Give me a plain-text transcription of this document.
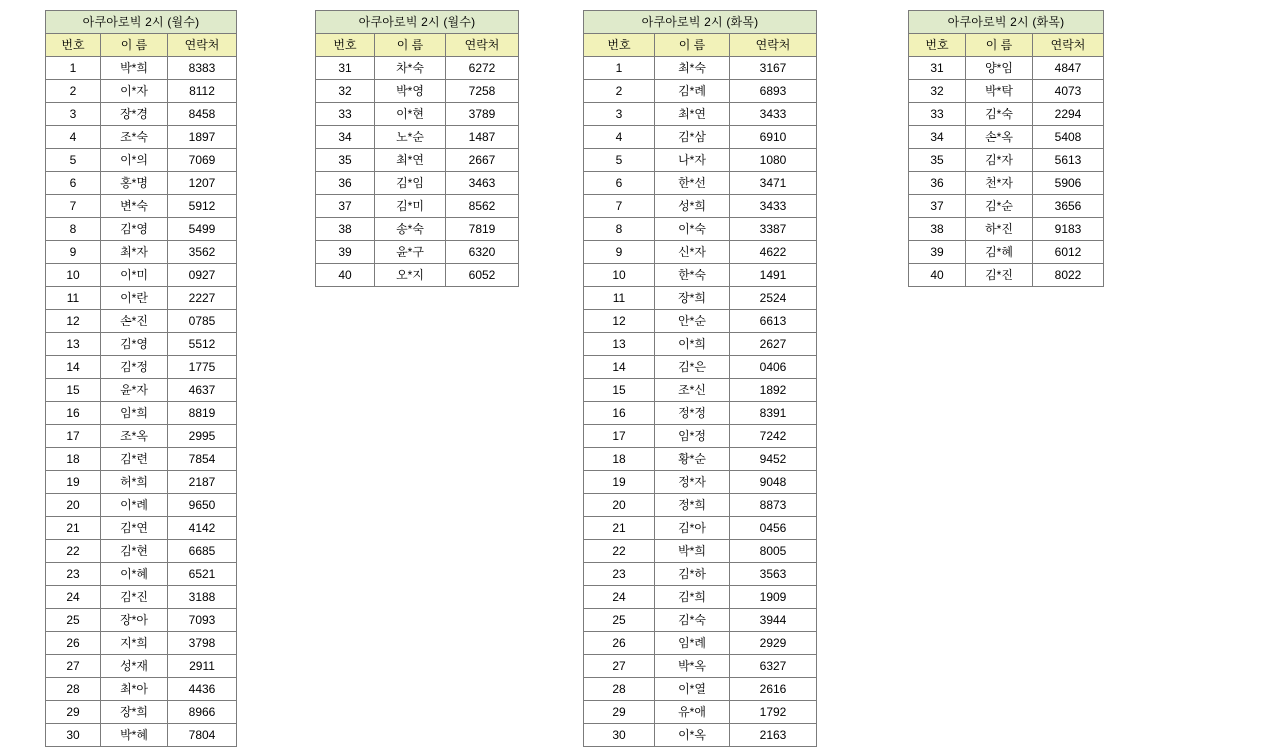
아쿠아로빅 2시 (월수)		
번호	이 름	연락처
1	박*희	8383
2	이*자	8112
3	장*경	8458
4	조*숙	1897
5	이*의	7069
6	홍*명	1207
7	변*숙	5912
8	김*영	5499
9	최*자	3562
10	이*미	0927
11	이*란	2227
12	손*진	0785
13	김*영	5512
14	김*정	1775
15	윤*자	4637
16	임*희	8819
17	조*옥	2995
18	김*련	7854
19	허*희	2187
20	이*례	9650
21	김*연	4142
22	김*현	6685
23	이*혜	6521
24	김*진	3188
25	장*아	7093
26	지*희	3798
27	성*재	2911
28	최*아	4436
29	장*희	8966
30	박*혜	7804
아쿠아로빅 2시 (월수)		
번호	이 름	연락처
31	차*숙	6272
32	박*영	7258
33	이*현	3789
34	노*순	1487
35	최*연	2667
36	김*임	3463
37	김*미	8562
38	송*숙	7819
39	윤*구	6320
40	오*지	6052
아쿠아로빅 2시 (화목)		
번호	이 름	연락처
1	최*숙	3167
2	김*례	6893
3	최*연	3433
4	김*삼	6910
5	나*자	1080
6	한*선	3471
7	성*희	3433
8	이*숙	3387
9	신*자	4622
10	한*숙	1491
11	장*희	2524
12	안*순	6613
13	이*희	2627
14	김*은	0406
15	조*신	1892
16	정*정	8391
17	임*정	7242
18	황*순	9452
19	정*자	9048
20	정*희	8873
21	김*아	0456
22	박*희	8005
23	김*하	3563
24	김*희	1909
25	김*숙	3944
26	임*례	2929
27	박*옥	6327
28	이*열	2616
29	유*애	1792
30	이*옥	2163
아쿠아로빅 2시 (화목)		
번호	이 름	연락처
31	양*임	4847
32	박*탁	4073
33	김*숙	2294
34	손*옥	5408
35	김*자	5613
36	천*자	5906
37	김*순	3656
38	하*진	9183
39	김*혜	6012
40	김*진	8022
